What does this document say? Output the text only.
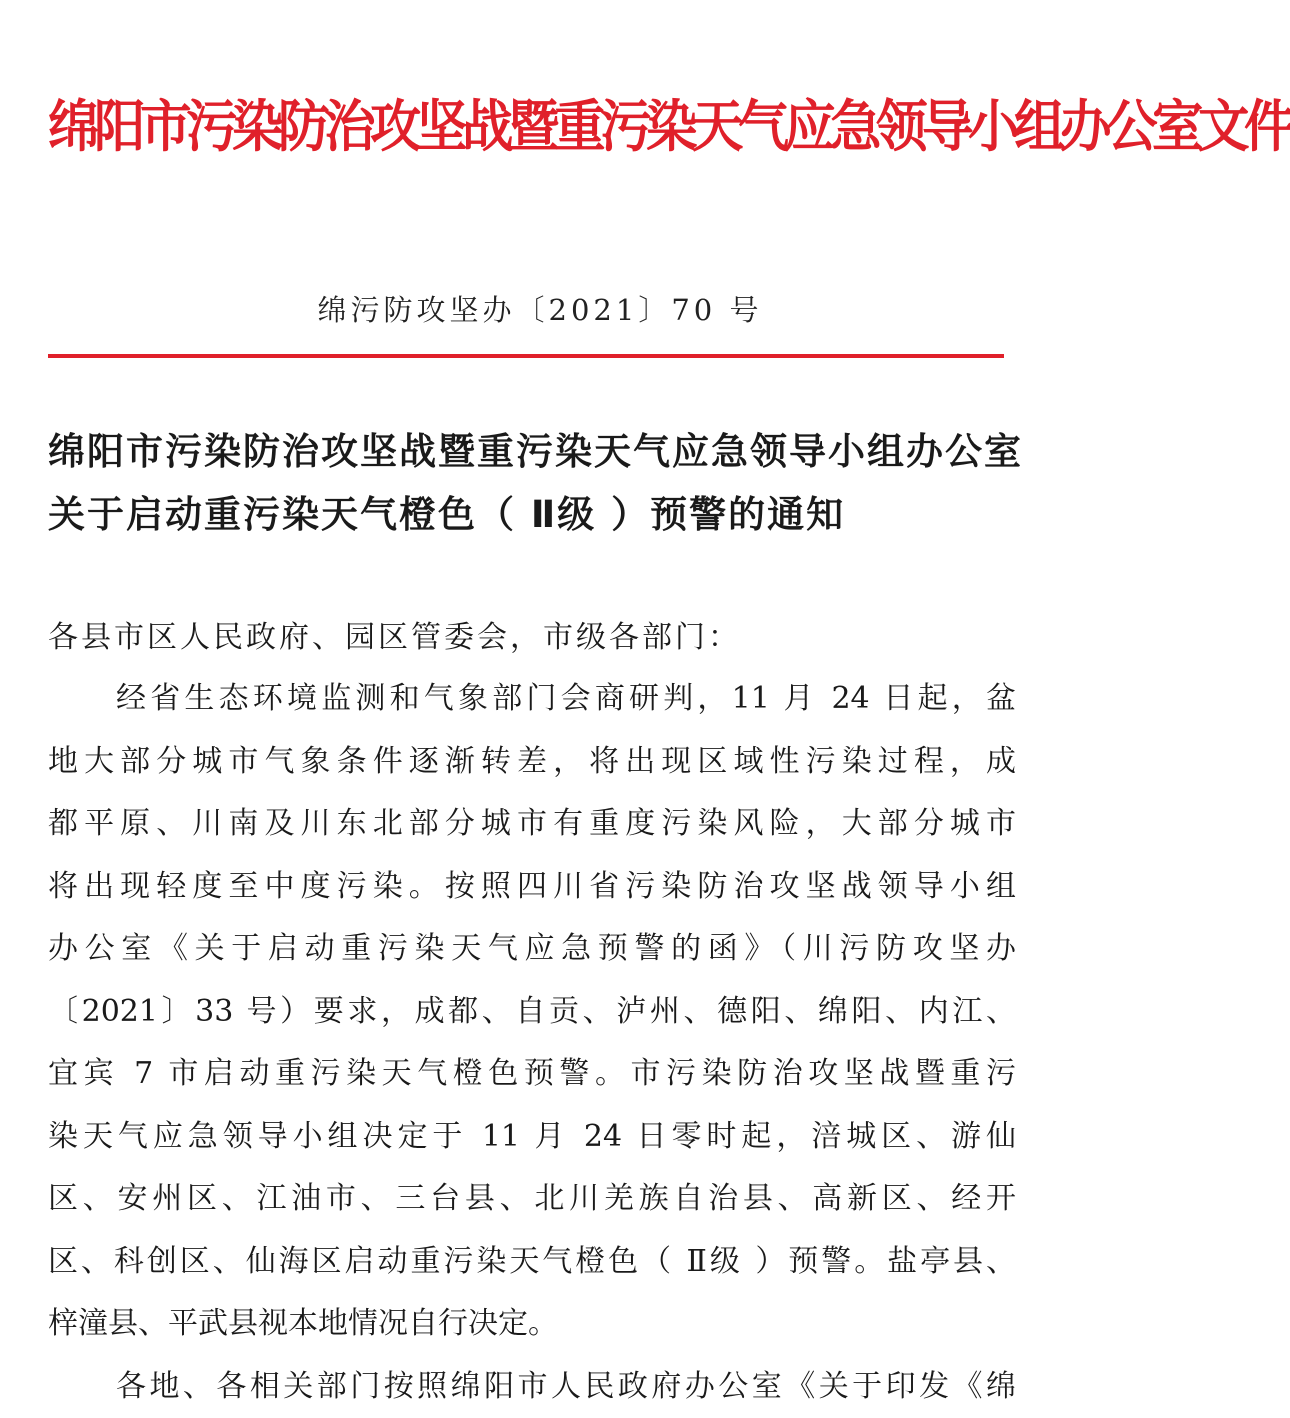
绵阳市污染防治攻坚战暨重污染天气应急领导小组办公室文件
绵污防攻坚办〔2021〕70 号
绵阳市污染防治攻坚战暨重污染天气应急领导小组办公室
关于启动重污染天气橙色（ Ⅱ级 ）预警的通知
各县市区人民政府、园区管委会，市级各部门：
经省生态环境监测和气象部门会商研判，11 月 24 日起，盆
地大部分城市气象条件逐渐转差，将出现区域性污染过程，成
都平原、川南及川东北部分城市有重度污染风险，大部分城市
将出现轻度至中度污染。按照四川省污染防治攻坚战领导小组
办公室《关于启动重污染天气应急预警的函》（川污防攻坚办
〔2021〕33 号）要求，成都、自贡、泸州、德阳、绵阳、内江、
宜宾 7 市启动重污染天气橙色预警。市污染防治攻坚战暨重污
染天气应急领导小组决定于 11 月 24 日零时起，涪城区、游仙
区、安州区、江油市、三台县、北川羌族自治县、高新区、经开
区、科创区、仙海区启动重污染天气橙色（ Ⅱ级 ）预警。盐亭县、
梓潼县、平武县视本地情况自行决定。
各地、各相关部门按照绵阳市人民政府办公室《关于印发《绵
